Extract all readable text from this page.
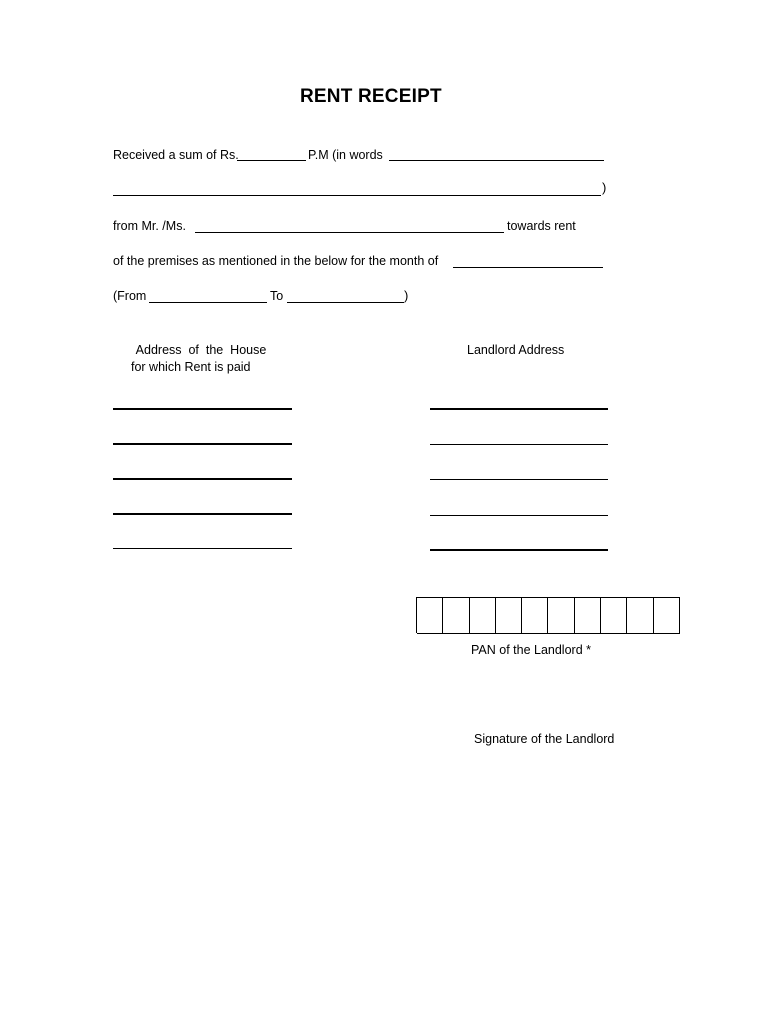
RENT RECEIPT
Received a sum of Rs.	P.M (in words
)
from Mr. /Ms.	towards rent
of the premises as mentioned in the below for the month of
(From	To	)
Address  of  the  House
for which Rent is paid
Landlord Address
PAN of the Landlord *
Signature of the Landlord
